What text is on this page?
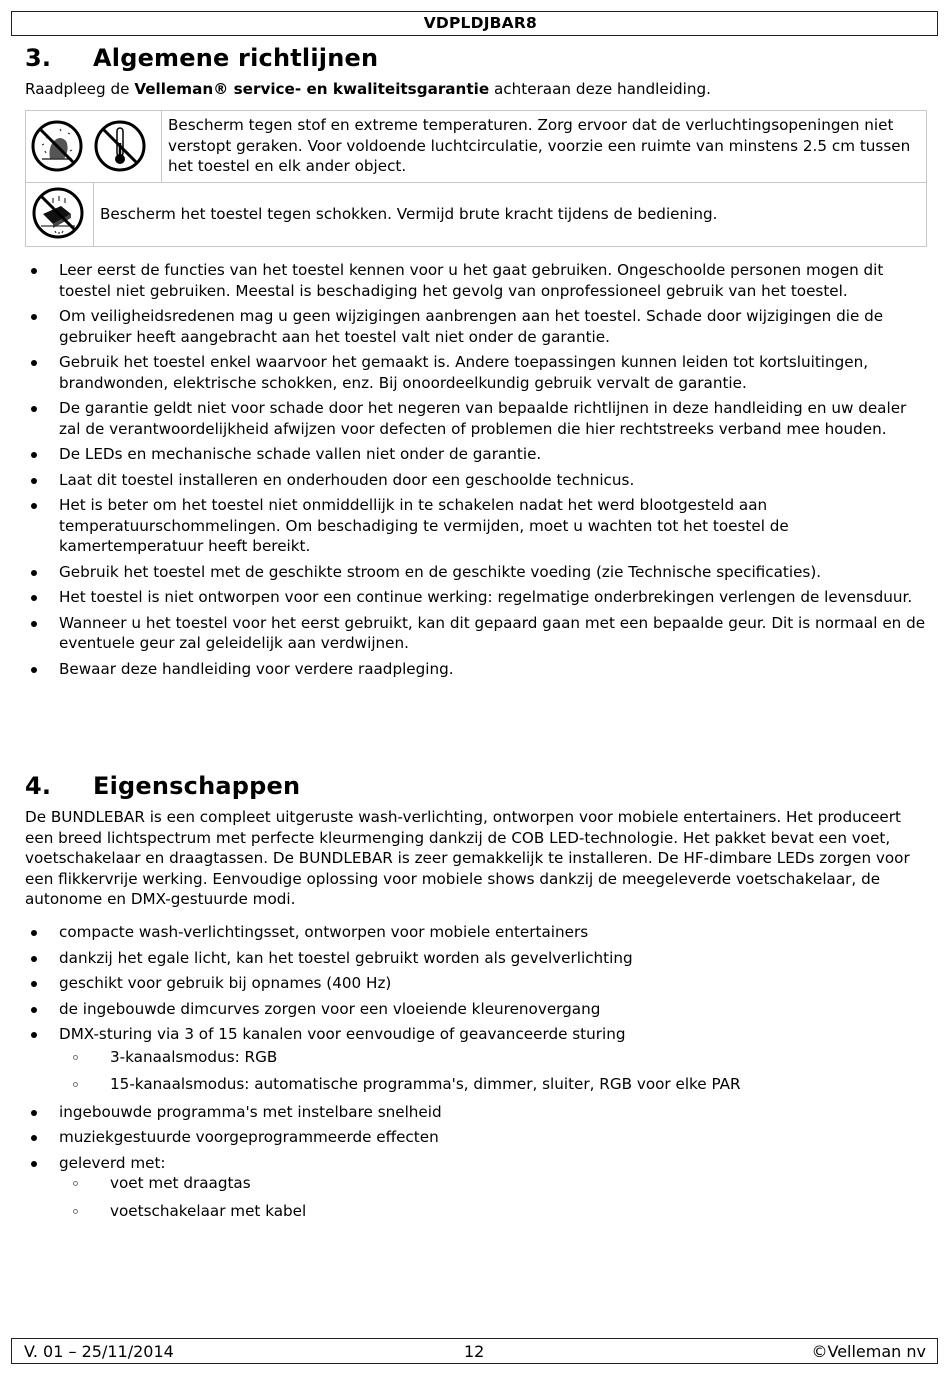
VDPLDJBAR8
3. Algemene richtlijnen
Raadpleeg de Velleman® service- en kwaliteitsgarantie achteraan deze handleiding.
Bescherm tegen stof en extreme temperaturen. Zorg ervoor dat de verluchtingsopeningen niet verstopt geraken. Voor voldoende luchtcirculatie, voorzie een ruimte van minstens 2.5 cm tussen het toestel en elk ander object.
Bescherm het toestel tegen schokken. Vermijd brute kracht tijdens de bediening.
Leer eerst de functies van het toestel kennen voor u het gaat gebruiken. Ongeschoolde personen mogen dit toestel niet gebruiken. Meestal is beschadiging het gevolg van onprofessioneel gebruik van het toestel.
Om veiligheidsredenen mag u geen wijzigingen aanbrengen aan het toestel. Schade door wijzigingen die de gebruiker heeft aangebracht aan het toestel valt niet onder de garantie.
Gebruik het toestel enkel waarvoor het gemaakt is. Andere toepassingen kunnen leiden tot kortsluitingen, brandwonden, elektrische schokken, enz. Bij onoordeelkundig gebruik vervalt de garantie.
De garantie geldt niet voor schade door het negeren van bepaalde richtlijnen in deze handleiding en uw dealer zal de verantwoordelijkheid afwijzen voor defecten of problemen die hier rechtstreeks verband mee houden.
De LEDs en mechanische schade vallen niet onder de garantie.
Laat dit toestel installeren en onderhouden door een geschoolde technicus.
Het is beter om het toestel niet onmiddellijk in te schakelen nadat het werd blootgesteld aan temperatuurschommelingen. Om beschadiging te vermijden, moet u wachten tot het toestel de kamertemperatuur heeft bereikt.
Gebruik het toestel met de geschikte stroom en de geschikte voeding (zie Technische specificaties).
Het toestel is niet ontworpen voor een continue werking: regelmatige onderbrekingen verlengen de levensduur.
Wanneer u het toestel voor het eerst gebruikt, kan dit gepaard gaan met een bepaalde geur. Dit is normaal en de eventuele geur zal geleidelijk aan verdwijnen.
Bewaar deze handleiding voor verdere raadpleging.
4. Eigenschappen
De BUNDLEBAR is een compleet uitgeruste wash-verlichting, ontworpen voor mobiele entertainers. Het produceert een breed lichtspectrum met perfecte kleurmenging dankzij de COB LED-technologie. Het pakket bevat een voet, voetschakelaar en draagtassen. De BUNDLEBAR is zeer gemakkelijk te installeren. De HF-dimbare LEDs zorgen voor een flikkervrije werking. Eenvoudige oplossing voor mobiele shows dankzij de meegeleverde voetschakelaar, de autonome en DMX-gestuurde modi.
compacte wash-verlichtingsset, ontworpen voor mobiele entertainers
dankzij het egale licht, kan het toestel gebruikt worden als gevelverlichting
geschikt voor gebruik bij opnames (400 Hz)
de ingebouwde dimcurves zorgen voor een vloeiende kleurenovergang
DMX-sturing via 3 of 15 kanalen voor eenvoudige of geavanceerde sturing
3-kanaalsmodus: RGB
15-kanaalsmodus: automatische programma's, dimmer, sluiter, RGB voor elke PAR
ingebouwde programma's met instelbare snelheid
muziekgestuurde voorgeprogrammeerde effecten
geleverd met:
voet met draagtas
voetschakelaar met kabel
V. 01 – 25/11/2014	12	©Velleman nv
